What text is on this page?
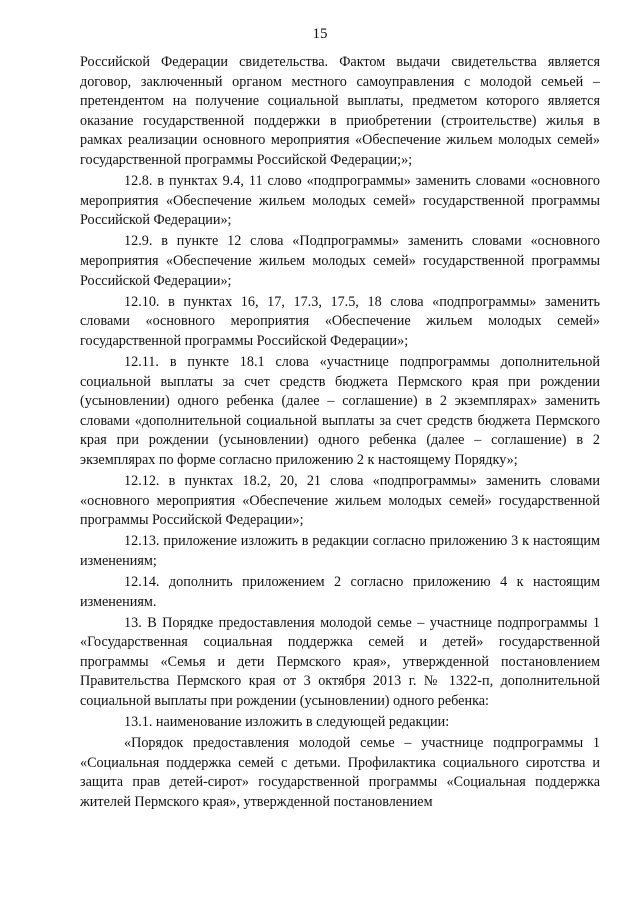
15

Российской Федерации свидетельства. Фактом выдачи свидетельства является договор, заключенный органом местного самоуправления с молодой семьей – претендентом на получение социальной выплаты, предметом которого является оказание государственной поддержки в приобретении (строительстве) жилья в рамках реализации основного мероприятия «Обеспечение жильем молодых семей» государственной программы Российской Федерации;»;

12.8. в пунктах 9.4, 11 слово «подпрограммы» заменить словами «основного мероприятия «Обеспечение жильем молодых семей» государственной программы Российской Федерации»;

12.9. в пункте 12 слова «Подпрограммы» заменить словами «основного мероприятия «Обеспечение жильем молодых семей» государственной программы Российской Федерации»;

12.10. в пунктах 16, 17, 17.3, 17.5, 18 слова «подпрограммы» заменить словами «основного мероприятия «Обеспечение жильем молодых семей» государственной программы Российской Федерации»;

12.11. в пункте 18.1 слова «участнице подпрограммы дополнительной социальной выплаты за счет средств бюджета Пермского края при рождении (усыновлении) одного ребенка (далее – соглашение) в 2 экземплярах» заменить словами «дополнительной социальной выплаты за счет средств бюджета Пермского края при рождении (усыновлении) одного ребенка (далее – соглашение) в 2 экземплярах по форме согласно приложению 2 к настоящему Порядку»;

12.12. в пунктах 18.2, 20, 21 слова «подпрограммы» заменить словами «основного мероприятия «Обеспечение жильем молодых семей» государственной программы Российской Федерации»;

12.13. приложение изложить в редакции согласно приложению 3 к настоящим изменениям;

12.14. дополнить приложением 2 согласно приложению 4 к настоящим изменениям.

13. В Порядке предоставления молодой семье – участнице подпрограммы 1 «Государственная социальная поддержка семей и детей» государственной программы «Семья и дети Пермского края», утвержденной постановлением Правительства Пермского края от 3 октября 2013 г. № 1322-п, дополнительной социальной выплаты при рождении (усыновлении) одного ребенка:

13.1. наименование изложить в следующей редакции:

«Порядок предоставления молодой семье – участнице подпрограммы 1 «Социальная поддержка семей с детьми. Профилактика социального сиротства и защита прав детей-сирот» государственной программы «Социальная поддержка жителей Пермского края», утвержденной постановлением
